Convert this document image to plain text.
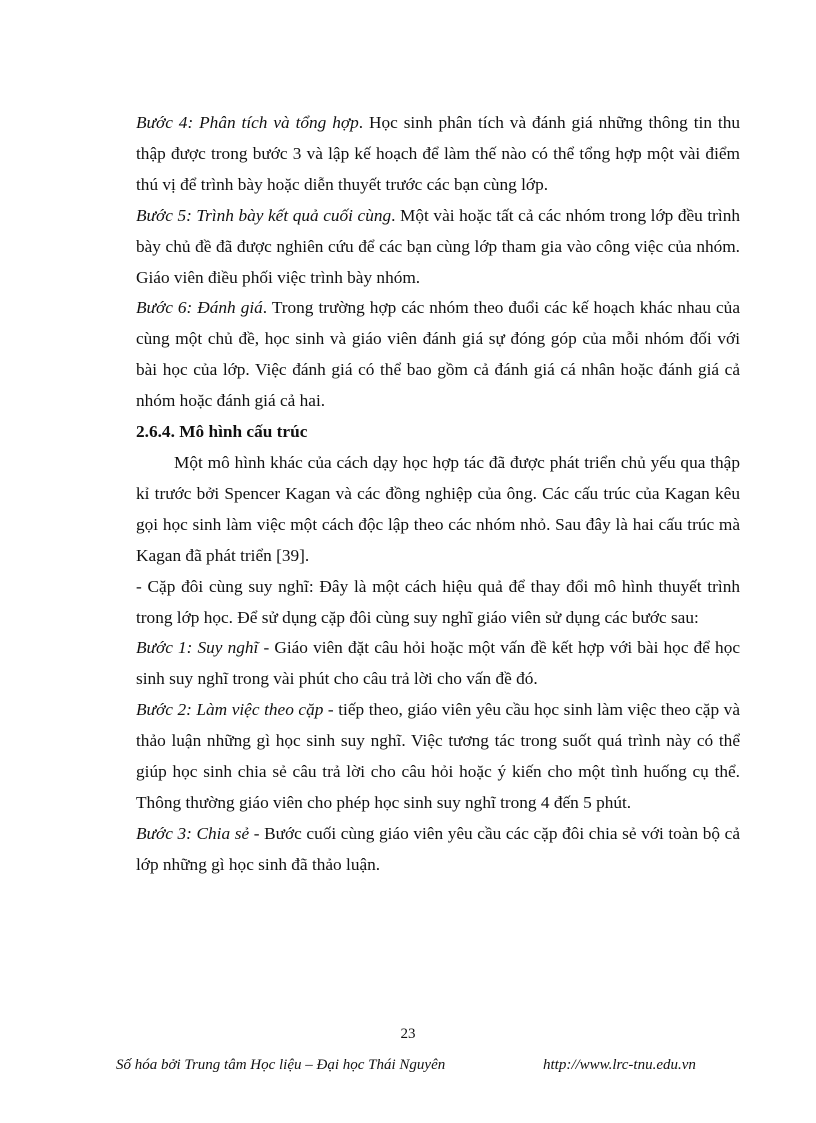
Bước 4: Phân tích và tổng hợp. Học sinh phân tích và đánh giá những thông tin thu thập được trong bước 3 và lập kế hoạch để làm thế nào có thể tổng hợp một vài điểm thú vị để trình bày hoặc diễn thuyết trước các bạn cùng lớp.

Bước 5: Trình bày kết quả cuối cùng. Một vài hoặc tất cả các nhóm trong lớp đều trình bày chủ đề đã được nghiên cứu để các bạn cùng lớp tham gia vào công việc của nhóm. Giáo viên điều phối việc trình bày nhóm.

Bước 6: Đánh giá. Trong trường hợp các nhóm theo đuổi các kế hoạch khác nhau của cùng một chủ đề, học sinh và giáo viên đánh giá sự đóng góp của mỗi nhóm đối với bài học của lớp. Việc đánh giá có thể bao gồm cả đánh giá cá nhân hoặc đánh giá cả nhóm hoặc đánh giá cả hai.

2.6.4. Mô hình cấu trúc

Một mô hình khác của cách dạy học hợp tác đã được phát triển chủ yếu qua thập kỉ trước bởi Spencer Kagan và các đồng nghiệp của ông. Các cấu trúc của Kagan kêu gọi học sinh làm việc một cách độc lập theo các nhóm nhỏ. Sau đây là hai cấu trúc mà Kagan đã phát triển [39].

- Cặp đôi cùng suy nghĩ: Đây là một cách hiệu quả để thay đổi mô hình thuyết trình trong lớp học. Để sử dụng cặp đôi cùng suy nghĩ giáo viên sử dụng các bước sau:

Bước 1: Suy nghĩ - Giáo viên đặt câu hỏi hoặc một vấn đề kết hợp với bài học để học sinh suy nghĩ trong vài phút cho câu trả lời cho vấn đề đó.

Bước 2: Làm việc theo cặp - tiếp theo, giáo viên yêu cầu học sinh làm việc theo cặp và thảo luận những gì học sinh suy nghĩ. Việc tương tác trong suốt quá trình này có thể giúp học sinh chia sẻ câu trả lời cho câu hỏi hoặc ý kiến cho một tình huống cụ thể. Thông thường giáo viên cho phép học sinh suy nghĩ trong 4 đến 5 phút.

Bước 3: Chia sẻ - Bước cuối cùng giáo viên yêu cầu các cặp đôi chia sẻ với toàn bộ cả lớp những gì học sinh đã thảo luận.

23
Số hóa bởi Trung tâm Học liệu – Đại học Thái Nguyên	http://www.lrc-tnu.edu.vn
